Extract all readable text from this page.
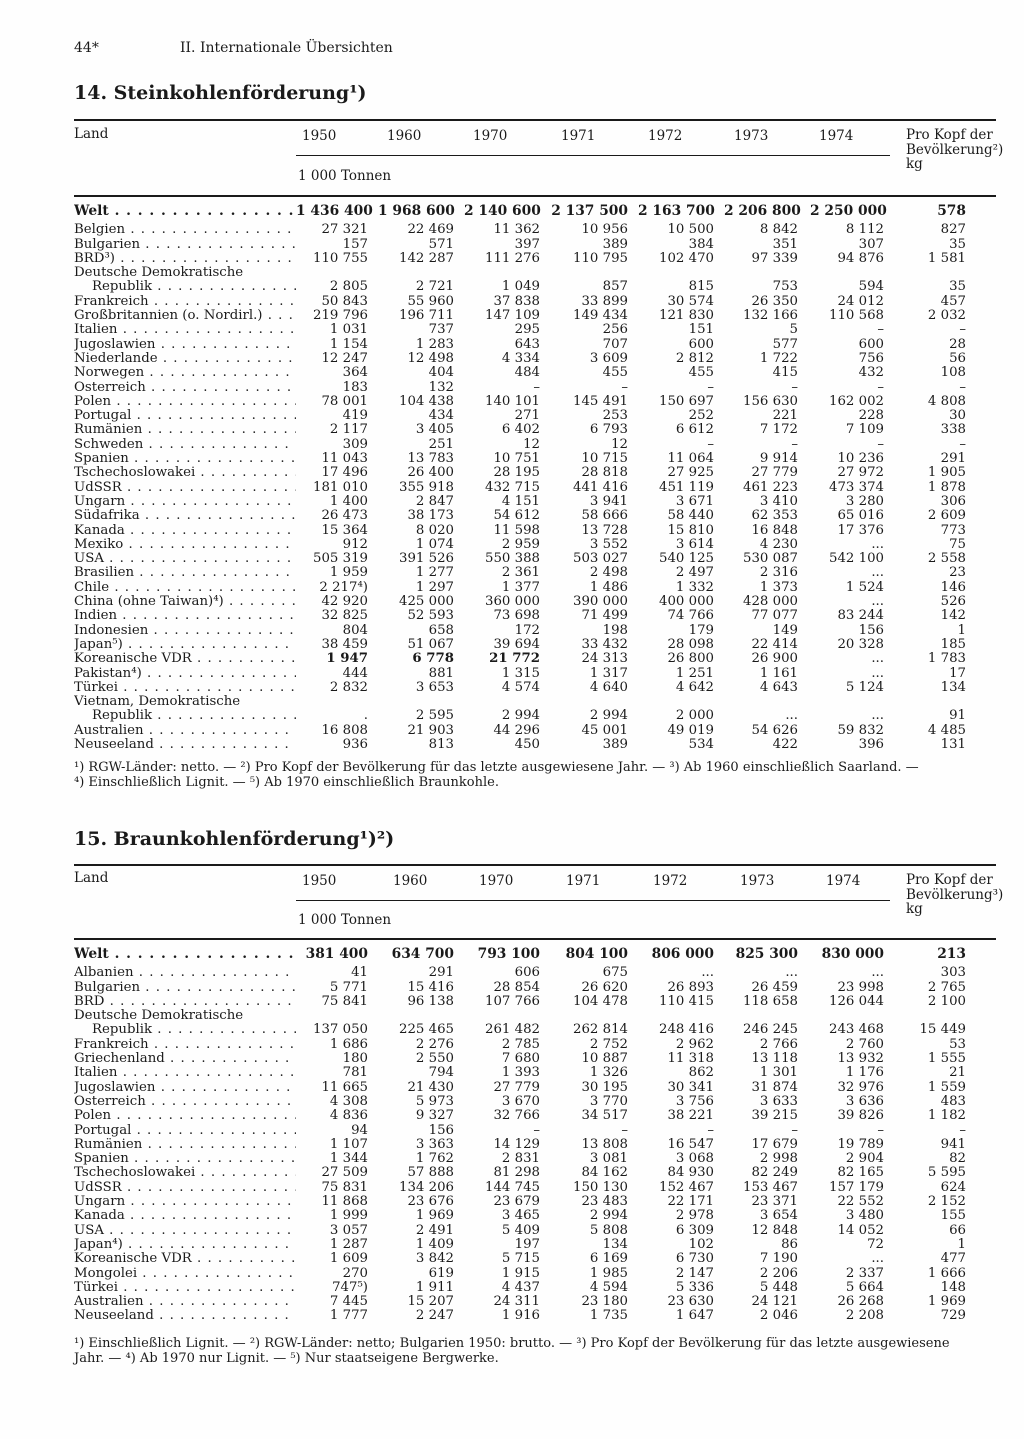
44*	II. Internationale Übersichten
14. Steinkohlenförderung¹)
Land	1950	1960	1970	1971	1972	1973	1974	Pro Kopf der Bevölkerung²) kg
1 000 Tonnen
Welt . . .	1 436 400	1 968 600	2 140 600	2 137 500	2 163 700	2 206 800	2 250 000	578
Belgien . . .	27 321	22 469	11 362	10 956	10 500	8 842	8 112	827
Bulgarien . . .	157	571	397	389	384	351	307	35
BRD³) . . .	110 755	142 287	111 276	110 795	102 470	97 339	94 876	1 581
Deutsche Demokratische								
Republik . . .	2 805	2 721	1 049	857	815	753	594	35
Frankreich . . .	50 843	55 960	37 838	33 899	30 574	26 350	24 012	457
Großbritannien (o. Nordirl.) . . .	219 796	196 711	147 109	149 434	121 830	132 166	110 568	2 032
Italien . . .	1 031	737	295	256	151	5	–	–
Jugoslawien . . .	1 154	1 283	643	707	600	577	600	28
Niederlande . . .	12 247	12 498	4 334	3 609	2 812	1 722	756	56
Norwegen . . .	364	404	484	455	455	415	432	108
Österreich . . .	183	132	–	–	–	–	–	–
Polen . . .	78 001	104 438	140 101	145 491	150 697	156 630	162 002	4 808
Portugal . . .	419	434	271	253	252	221	228	30
Rumänien . . .	2 117	3 405	6 402	6 793	6 612	7 172	7 109	338
Schweden . . .	309	251	12	12	–	–	–	–
Spanien . . .	11 043	13 783	10 751	10 715	11 064	9 914	10 236	291
Tschechoslowakei . . .	17 496	26 400	28 195	28 818	27 925	27 779	27 972	1 905
UdSSR . . .	181 010	355 918	432 715	441 416	451 119	461 223	473 374	1 878
Ungarn . . .	1 400	2 847	4 151	3 941	3 671	3 410	3 280	306
Südafrika . . .	26 473	38 173	54 612	58 666	58 440	62 353	65 016	2 609
Kanada . . .	15 364	8 020	11 598	13 728	15 810	16 848	17 376	773
Mexiko . . .	912	1 074	2 959	3 552	3 614	4 230	...	75
USA . . .	505 319	391 526	550 388	503 027	540 125	530 087	542 100	2 558
Brasilien . . .	1 959	1 277	2 361	2 498	2 497	2 316	...	23
Chile . . .	2 217⁴)	1 297	1 377	1 486	1 332	1 373	1 524	146
China (ohne Taiwan)⁴) . . .	42 920	425 000	360 000	390 000	400 000	428 000	...	526
Indien . . .	32 825	52 593	73 698	71 499	74 766	77 077	83 244	142
Indonesien . . .	804	658	172	198	179	149	156	1
Japan⁵) . . .	38 459	51 067	39 694	33 432	28 098	22 414	20 328	185
Koreanische VDR . . .	1 947	6 778	21 772	24 313	26 800	26 900	...	1 783
Pakistan⁴) . . .	444	881	1 315	1 317	1 251	1 161	...	17
Türkei . . .	2 832	3 653	4 574	4 640	4 642	4 643	5 124	134
Vietnam, Demokratische								
Republik . . .	.	2 595	2 994	2 994	2 000	...	...	91
Australien . . .	16 808	21 903	44 296	45 001	49 019	54 626	59 832	4 485
Neuseeland . . .	936	813	450	389	534	422	396	131
¹) RGW-Länder: netto. — ²) Pro Kopf der Bevölkerung für das letzte ausgewiesene Jahr. — ³) Ab 1960 einschließlich Saarland. —
⁴) Einschließlich Lignit. — ⁵) Ab 1970 einschließlich Braunkohle.
15. Braunkohlenförderung¹)²)
Land	1950	1960	1970	1971	1972	1973	1974	Pro Kopf der Bevölkerung³) kg
1 000 Tonnen
Welt . . .	381 400	634 700	793 100	804 100	806 000	825 300	830 000	213
Albanien . . .	41	291	606	675	...	...	...	303
Bulgarien . . .	5 771	15 416	28 854	26 620	26 893	26 459	23 998	2 765
BRD . . .	75 841	96 138	107 766	104 478	110 415	118 658	126 044	2 100
Deutsche Demokratische								
Republik . . .	137 050	225 465	261 482	262 814	248 416	246 245	243 468	15 449
Frankreich . . .	1 686	2 276	2 785	2 752	2 962	2 766	2 760	53
Griechenland . . .	180	2 550	7 680	10 887	11 318	13 118	13 932	1 555
Italien . . .	781	794	1 393	1 326	862	1 301	1 176	21
Jugoslawien . . .	11 665	21 430	27 779	30 195	30 341	31 874	32 976	1 559
Österreich . . .	4 308	5 973	3 670	3 770	3 756	3 633	3 636	483
Polen . . .	4 836	9 327	32 766	34 517	38 221	39 215	39 826	1 182
Portugal . . .	94	156	–	–	–	–	–	–
Rumänien . . .	1 107	3 363	14 129	13 808	16 547	17 679	19 789	941
Spanien . . .	1 344	1 762	2 831	3 081	3 068	2 998	2 904	82
Tschechoslowakei . . .	27 509	57 888	81 298	84 162	84 930	82 249	82 165	5 595
UdSSR . . .	75 831	134 206	144 745	150 130	152 467	153 467	157 179	624
Ungarn . . .	11 868	23 676	23 679	23 483	22 171	23 371	22 552	2 152
Kanada . . .	1 999	1 969	3 465	2 994	2 978	3 654	3 480	155
USA . . .	3 057	2 491	5 409	5 808	6 309	12 848	14 052	66
Japan⁴) . . .	1 287	1 409	197	134	102	86	72	1
Koreanische VDR . . .	1 609	3 842	5 715	6 169	6 730	7 190	...	477
Mongolei . . .	270	619	1 915	1 985	2 147	2 206	2 337	1 666
Türkei . . .	747⁵)	1 911	4 437	4 594	5 336	5 448	5 664	148
Australien . . .	7 445	15 207	24 311	23 180	23 630	24 121	26 268	1 969
Neuseeland . . .	1 777	2 247	1 916	1 735	1 647	2 046	2 208	729
¹) Einschließlich Lignit. — ²) RGW-Länder: netto; Bulgarien 1950: brutto. — ³) Pro Kopf der Bevölkerung für das letzte ausgewiesene
Jahr. — ⁴) Ab 1970 nur Lignit. — ⁵) Nur staatseigene Bergwerke.
